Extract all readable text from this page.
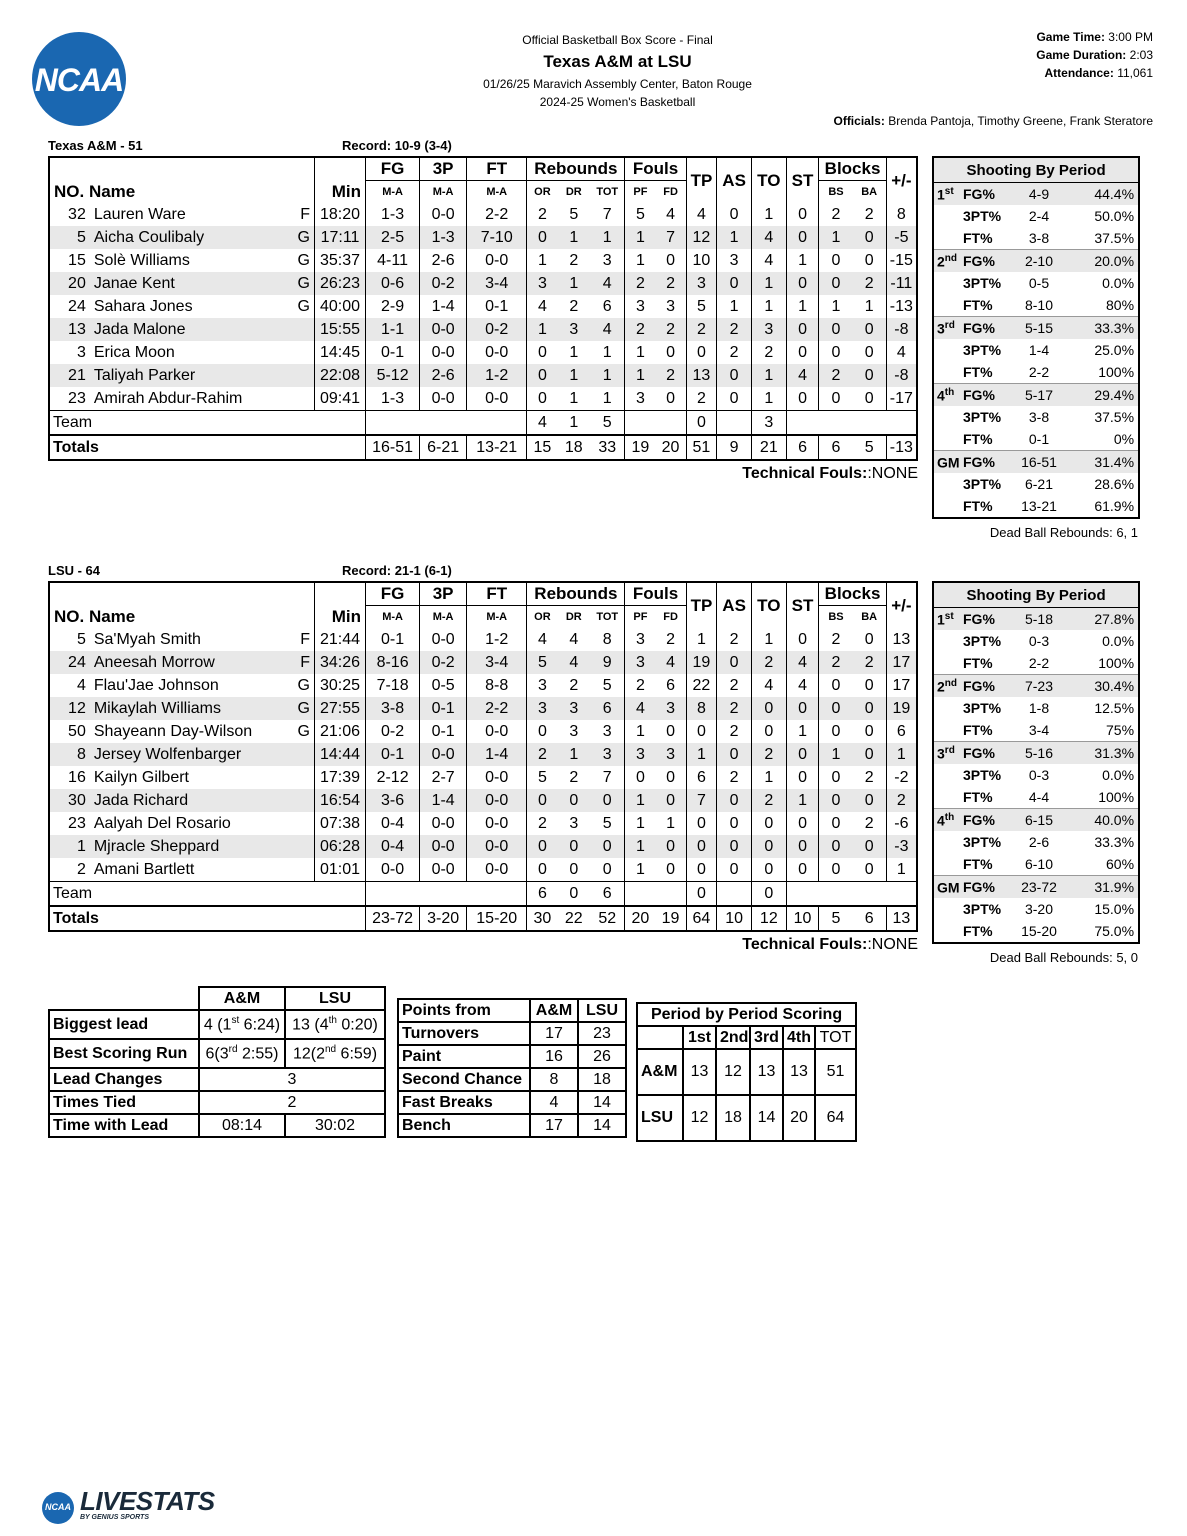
NCAA
Official Basketball Box Score - Final
Texas A&M at LSU
01/26/25 Maravich Assembly Center, Baton Rouge
2024-25 Women's Basketball
Game Time: 3:00 PM
Game Duration: 2:03
Attendance: 11,061
Officials: Brenda Pantoja, Timothy Greene, Frank Steratore
Texas A&M - 51	Record: 10-9 (3-4)
				FG	3P	FT	Rebounds			Fouls		TP	AS	TO	ST	Blocks		+/-
NO. Name			Min	M-A	M-A	M-A	OR	DR	TOT	PF	FD					BS	BA	
32	Lauren Ware	F	18:20	1-3	0-0	2-2	2	5	7	5	4	4	0	1	0	2	2	8
5	Aicha Coulibaly	G	17:11	2-5	1-3	7-10	0	1	1	1	7	12	1	4	0	1	0	-5
15	Solè Williams	G	35:37	4-11	2-6	0-0	1	2	3	1	0	10	3	4	1	0	0	-15
20	Janae Kent	G	26:23	0-6	0-2	3-4	3	1	4	2	2	3	0	1	0	0	2	-11
24	Sahara Jones	G	40:00	2-9	1-4	0-1	4	2	6	3	3	5	1	1	1	1	1	-13
13	Jada Malone		15:55	1-1	0-0	0-2	1	3	4	2	2	2	2	3	0	0	0	-8
3	Erica Moon		14:45	0-1	0-0	0-0	0	1	1	1	0	0	2	2	0	0	0	4
21	Taliyah Parker		22:08	5-12	2-6	1-2	0	1	1	1	2	13	0	1	4	2	0	-8
23	Amirah Abdur-Rahim		09:41	1-3	0-0	0-0	0	1	1	3	0	2	0	1	0	0	0	-17
Team							4	1	5			0		3				
Totals				16-51	6-21	13-21	15	18	33	19	20	51	9	21	6	6	5	-13
Technical Fouls::NONE
Shooting By Period			
1st	FG%	4-9	44.4%
	3PT%	2-4	50.0%
	FT%	3-8	37.5%
2nd	FG%	2-10	20.0%
	3PT%	0-5	0.0%
	FT%	8-10	80%
3rd	FG%	5-15	33.3%
	3PT%	1-4	25.0%
	FT%	2-2	100%
4th	FG%	5-17	29.4%
	3PT%	3-8	37.5%
	FT%	0-1	0%
GM	FG%	16-51	31.4%
	3PT%	6-21	28.6%
	FT%	13-21	61.9%
Dead Ball Rebounds: 6, 1
LSU - 64	Record: 21-1 (6-1)
				FG	3P	FT	Rebounds			Fouls		TP	AS	TO	ST	Blocks		+/-
NO. Name			Min	M-A	M-A	M-A	OR	DR	TOT	PF	FD					BS	BA	
5	Sa'Myah Smith	F	21:44	0-1	0-0	1-2	4	4	8	3	2	1	2	1	0	2	0	13
24	Aneesah Morrow	F	34:26	8-16	0-2	3-4	5	4	9	3	4	19	0	2	4	2	2	17
4	Flau'Jae Johnson	G	30:25	7-18	0-5	8-8	3	2	5	2	6	22	2	4	4	0	0	17
12	Mikaylah Williams	G	27:55	3-8	0-1	2-2	3	3	6	4	3	8	2	0	0	0	0	19
50	Shayeann Day-Wilson	G	21:06	0-2	0-1	0-0	0	3	3	1	0	0	2	0	1	0	0	6
8	Jersey Wolfenbarger		14:44	0-1	0-0	1-4	2	1	3	3	3	1	0	2	0	1	0	1
16	Kailyn Gilbert		17:39	2-12	2-7	0-0	5	2	7	0	0	6	2	1	0	0	2	-2
30	Jada Richard		16:54	3-6	1-4	0-0	0	0	0	1	0	7	0	2	1	0	0	2
23	Aalyah Del Rosario		07:38	0-4	0-0	0-0	2	3	5	1	1	0	0	0	0	0	2	-6
1	Mjracle Sheppard		06:28	0-4	0-0	0-0	0	0	0	1	0	0	0	0	0	0	0	-3
2	Amani Bartlett		01:01	0-0	0-0	0-0	0	0	0	1	0	0	0	0	0	0	0	1
Team							6	0	6			0		0				
Totals				23-72	3-20	15-20	30	22	52	20	19	64	10	12	10	5	6	13
Technical Fouls::NONE
Shooting By Period			
1st	FG%	5-18	27.8%
	3PT%	0-3	0.0%
	FT%	2-2	100%
2nd	FG%	7-23	30.4%
	3PT%	1-8	12.5%
	FT%	3-4	75%
3rd	FG%	5-16	31.3%
	3PT%	0-3	0.0%
	FT%	4-4	100%
4th	FG%	6-15	40.0%
	3PT%	2-6	33.3%
	FT%	6-10	60%
GM	FG%	23-72	31.9%
	3PT%	3-20	15.0%
	FT%	15-20	75.0%
Dead Ball Rebounds: 5, 0
	A&M	LSU
Biggest lead	4 (1st 6:24)	13 (4th 0:20)
Best Scoring Run	6(3rd 2:55)	12(2nd 6:59)
Lead Changes	3	
Times Tied	2	
Time with Lead	08:14	30:02
Points from	A&M	LSU
Turnovers	17	23
Paint	16	26
Second Chance	8	18
Fast Breaks	4	14
Bench	17	14
Period by Period Scoring					
	1st	2nd	3rd	4th	TOT
A&M	13	12	13	13	51
LSU	12	18	14	20	64
NCAA LIVESTATS
BY GENIUS SPORTS
